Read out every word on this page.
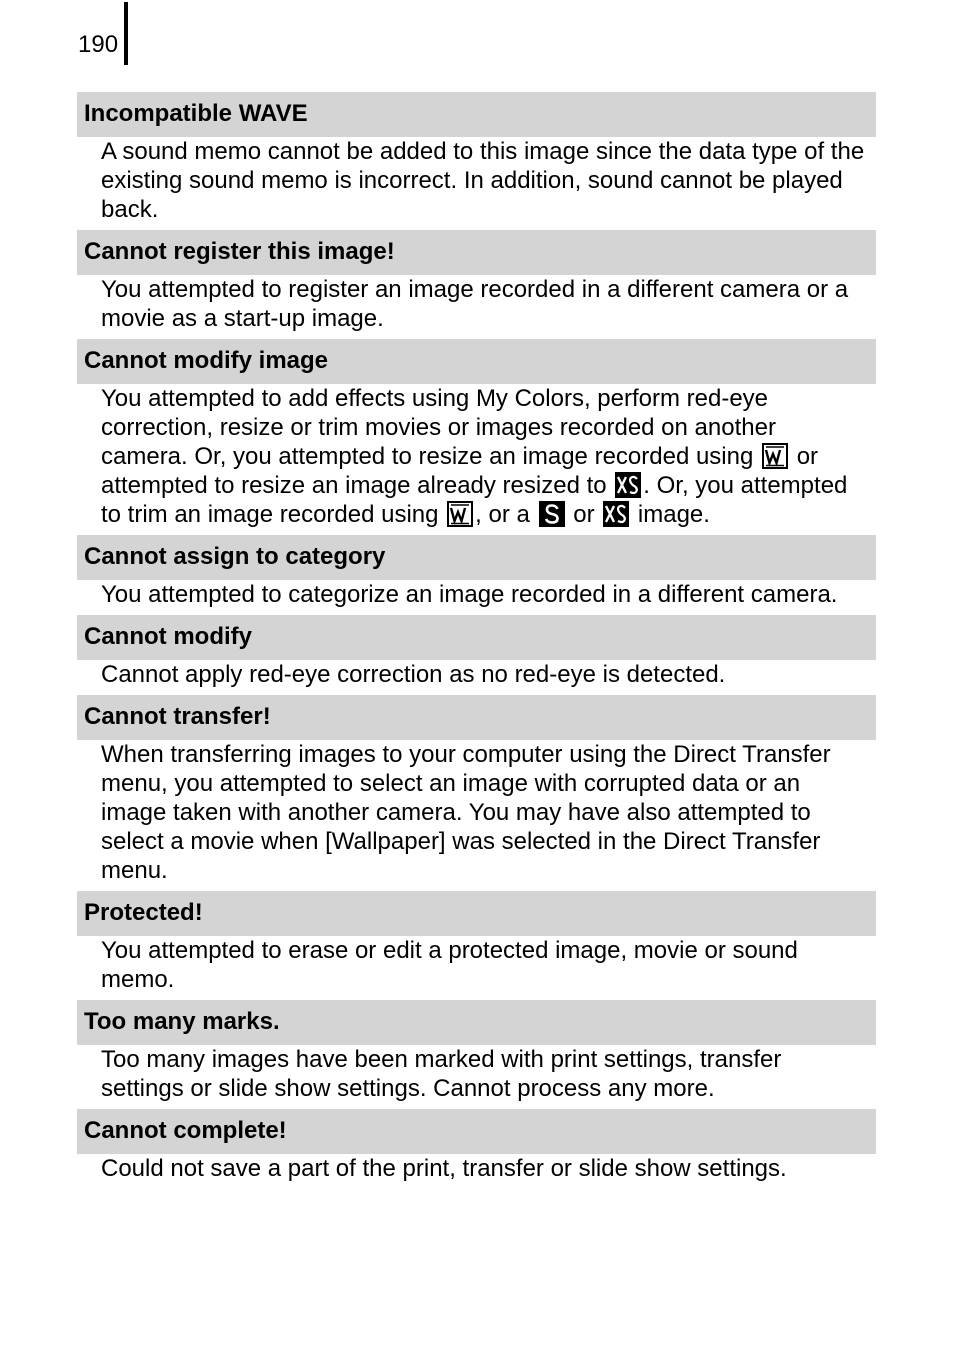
190
Incompatible WAVE
A sound memo cannot be added to this image since the data type of the existing sound memo is incorrect. In addition, sound cannot be played back.
Cannot register this image!
You attempted to register an image recorded in a different camera or a movie as a start-up image.
Cannot modify image
You attempted to add effects using My Colors, perform red-eye correction, resize or trim movies or images recorded on another camera. Or, you attempted to resize an image recorded using or attempted to resize an image already resized to . Or, you attempted to trim an image recorded using , or a or image.
Cannot assign to category
You attempted to categorize an image recorded in a different camera.
Cannot modify
Cannot apply red-eye correction as no red-eye is detected.
Cannot transfer!
When transferring images to your computer using the Direct Transfer menu, you attempted to select an image with corrupted data or an image taken with another camera. You may have also attempted to select a movie when [Wallpaper] was selected in the Direct Transfer menu.
Protected!
You attempted to erase or edit a protected image, movie or sound memo.
Too many marks.
Too many images have been marked with print settings, transfer settings or slide show settings. Cannot process any more.
Cannot complete!
Could not save a part of the print, transfer or slide show settings.
